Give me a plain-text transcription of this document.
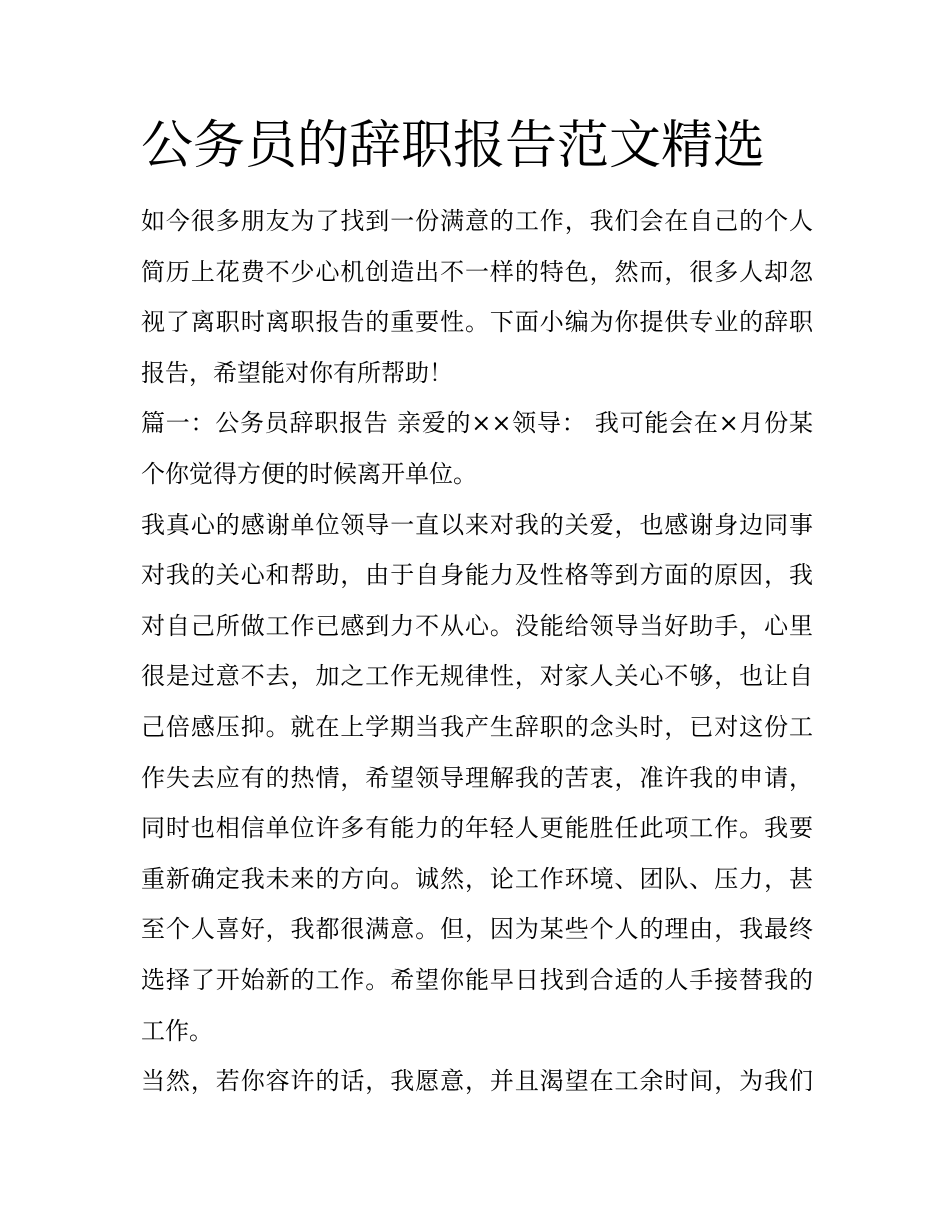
公务员的辞职报告范文精选

如今很多朋友为了找到一份满意的工作，我们会在自己的个人

简历上花费不少心机创造出不一样的特色，然而，很多人却忽

视了离职时离职报告的重要性。下面小编为你提供专业的辞职

报告，希望能对你有所帮助！

篇一：公务员辞职报告 亲爱的××领导： 我可能会在×月份某

个你觉得方便的时候离开单位。

我真心的感谢单位领导一直以来对我的关爱，也感谢身边同事

对我的关心和帮助，由于自身能力及性格等到方面的原因，我

对自己所做工作已感到力不从心。没能给领导当好助手，心里

很是过意不去，加之工作无规律性，对家人关心不够，也让自

己倍感压抑。就在上学期当我产生辞职的念头时，已对这份工

作失去应有的热情，希望领导理解我的苦衷，准许我的申请，

同时也相信单位许多有能力的年轻人更能胜任此项工作。我要

重新确定我未来的方向。诚然，论工作环境、团队、压力，甚

至个人喜好，我都很满意。但，因为某些个人的理由，我最终

选择了开始新的工作。希望你能早日找到合适的人手接替我的

工作。

当然，若你容许的话，我愿意，并且渴望在工余时间，为我们
